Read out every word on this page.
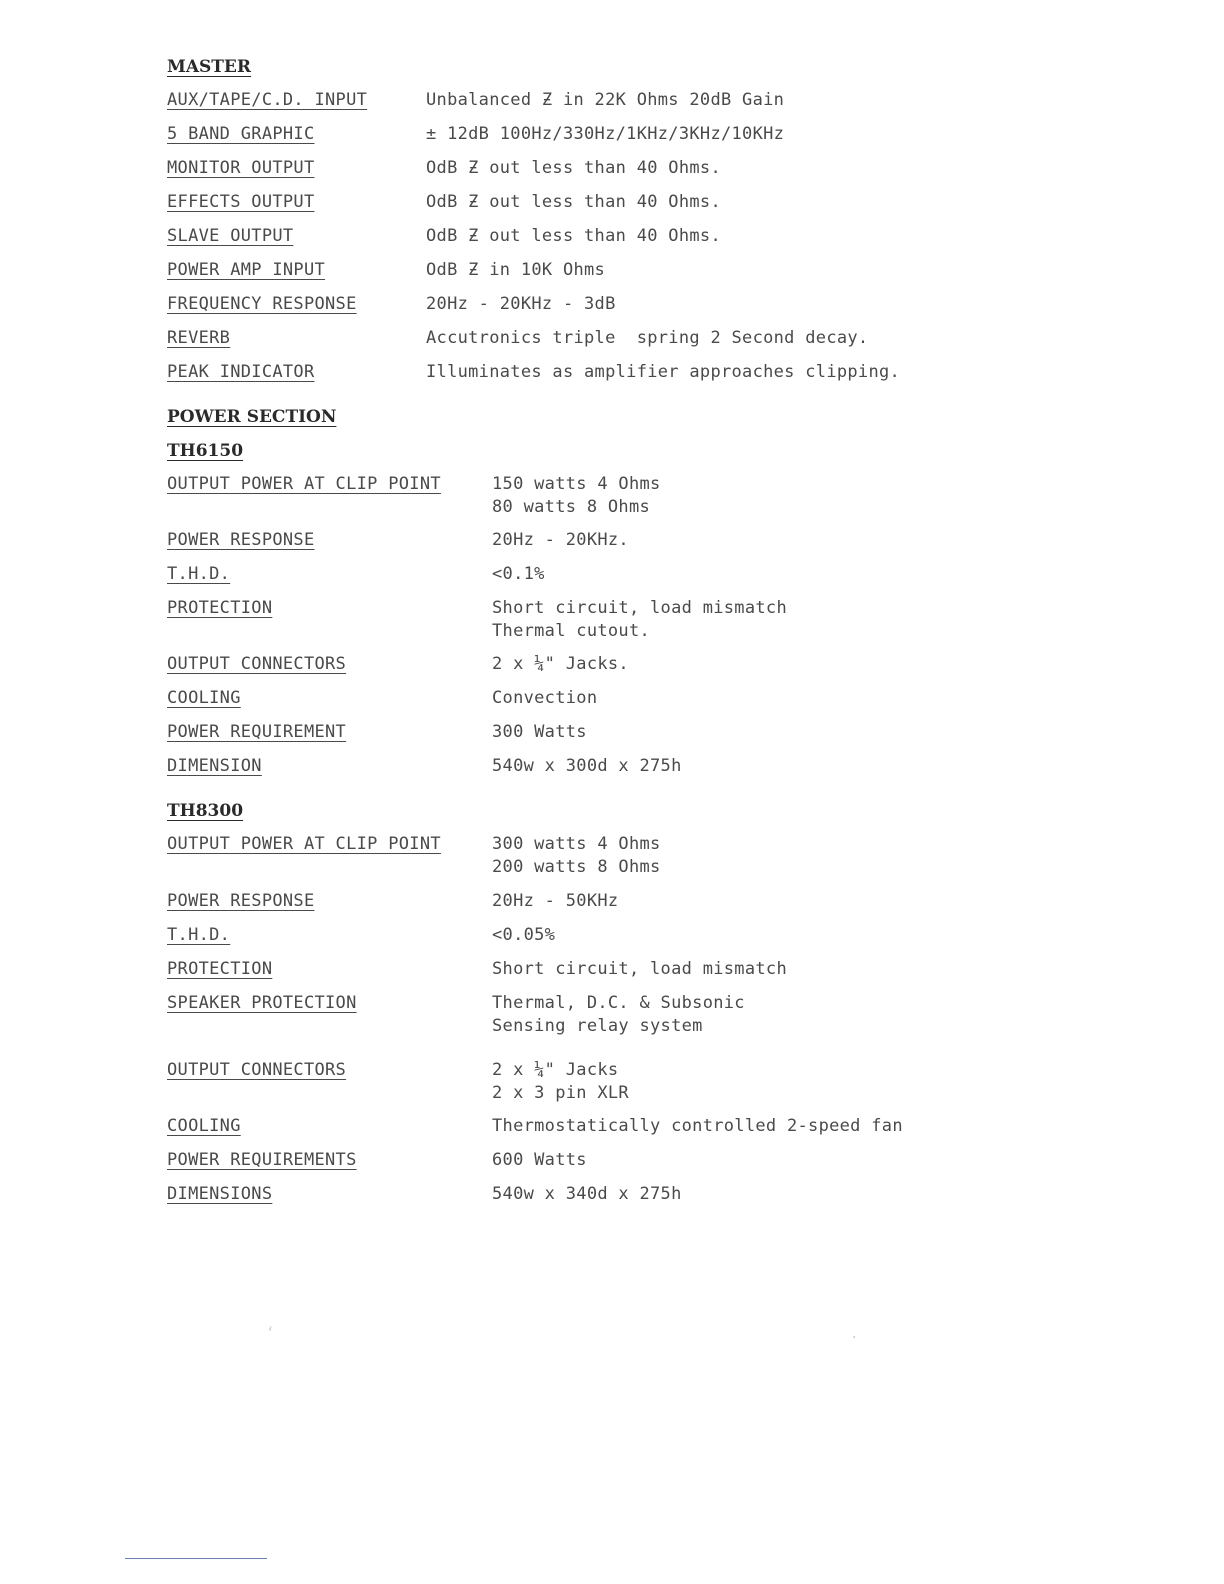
MASTER
AUX/TAPE/C.D. INPUT	Unbalanced Ƶ in 22K Ohms 20dB Gain
5 BAND GRAPHIC	± 12dB 100Hz/330Hz/1KHz/3KHz/10KHz
MONITOR OUTPUT	OdB Ƶ out less than 40 Ohms.
EFFECTS OUTPUT	OdB Ƶ out less than 40 Ohms.
SLAVE OUTPUT	OdB Ƶ out less than 40 Ohms.
POWER AMP INPUT	OdB Ƶ in 10K Ohms
FREQUENCY RESPONSE	20Hz - 20KHz - 3dB
REVERB	Accutronics triple  spring 2 Second decay.
PEAK INDICATOR	Illuminates as amplifier approaches clipping.
POWER SECTION
TH6150
OUTPUT POWER AT CLIP POINT	150 watts 4 Ohms
80 watts 8 Ohms
POWER RESPONSE	20Hz - 20KHz.
T.H.D.	<0.1%
PROTECTION	Short circuit, load mismatch
Thermal cutout.
OUTPUT CONNECTORS	2 x ¼" Jacks.
COOLING	Convection
POWER REQUIREMENT	300 Watts
DIMENSION	540w x 300d x 275h
TH8300
OUTPUT POWER AT CLIP POINT	300 watts 4 Ohms
200 watts 8 Ohms
POWER RESPONSE	20Hz - 50KHz
T.H.D.	<0.05%
PROTECTION	Short circuit, load mismatch
SPEAKER PROTECTION	Thermal, D.C. & Subsonic
Sensing relay system
OUTPUT CONNECTORS	2 x ¼" Jacks
2 x 3 pin XLR
COOLING	Thermostatically controlled 2-speed fan
POWER REQUIREMENTS	600 Watts
DIMENSIONS	540w x 340d x 275h
ʻ	·
